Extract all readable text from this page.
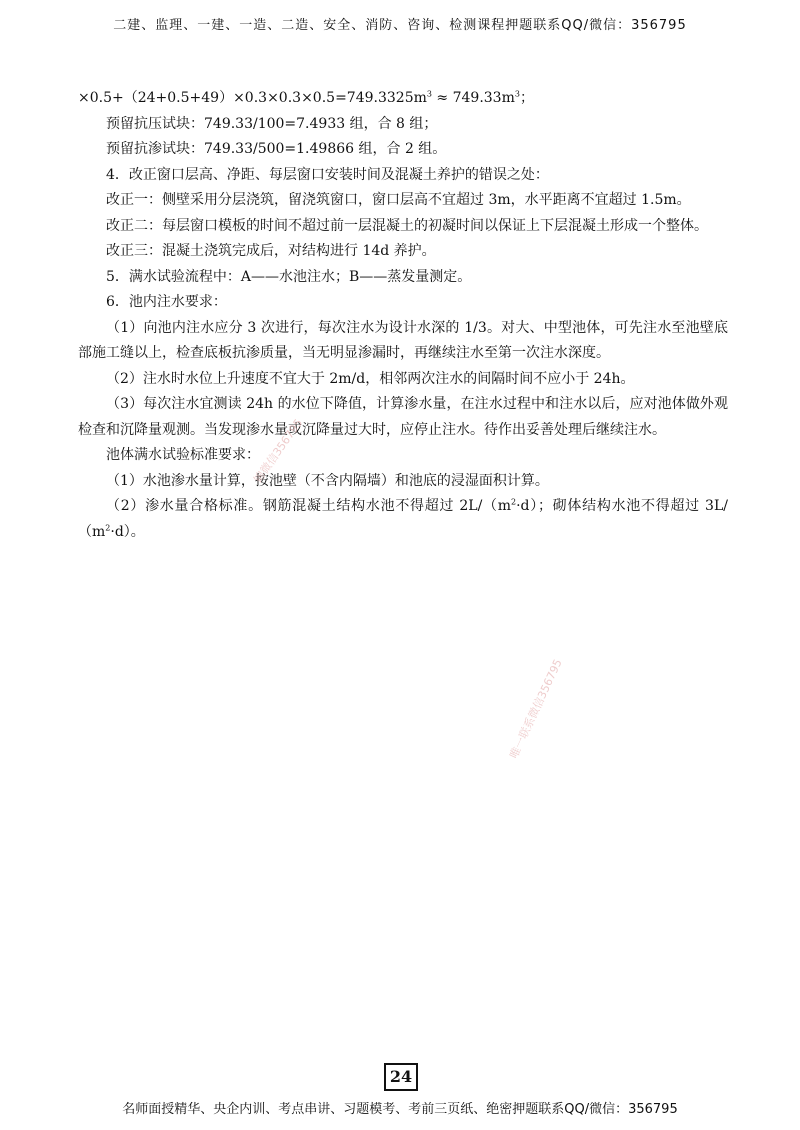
二建、监理、一建、一造、二造、安全、消防、咨询、检测课程押题联系QQ/微信：356795

$\times 0.5+(24+0.5+49)\times 0.3\times 0.3\times 0.5=749.3325m^3 \approx 749.33m^3$；

预留抗压试块：749.33/100=7.4933 组，合 8 组；

预留抗渗试块：749.33/500=1.49866 组，合 2 组。

4．改正窗口层高、净距、每层窗口安装时间及混凝土养护的错误之处：

改正一：侧壁采用分层浇筑，留浇筑窗口，窗口层高不宜超过 3m，水平距离不宜超过 1.5m。

改正二：每层窗口模板的时间不超过前一层混凝土的初凝时间以保证上下层混凝土形成一个整体。

改正三：混凝土浇筑完成后，对结构进行 14d 养护。

5．满水试验流程中：A——水池注水；B——蒸发量测定。

6．池内注水要求：

（1）向池内注水应分 3 次进行，每次注水为设计水深的 1/3。对大、中型池体，可先注水至池壁底部施工缝以上，检查底板抗渗质量，当无明显渗漏时，再继续注水至第一次注水深度。

（2）注水时水位上升速度不宜大于 2m/d，相邻两次注水的间隔时间不应小于 24h。

（3）每次注水宜测读 24h 的水位下降值，计算渗水量，在注水过程中和注水以后，应对池体做外观检查和沉降量观测。当发现渗水量或沉降量过大时，应停止注水。待作出妥善处理后继续注水。

池体满水试验标准要求：

（1）水池渗水量计算，按池壁（不含内隔墙）和池底的浸湿面积计算。

（2）渗水量合格标准。钢筋混凝土结构水池不得超过 $2L/(m^2\cdot d)$；砌体结构水池不得超过 $3L/(m^2\cdot d)$。

锦微信356795
唯一联系微信356795
24
名师面授精华、央企内训、考点串讲、习题模考、考前三页纸、绝密押题联系QQ/微信：356795
